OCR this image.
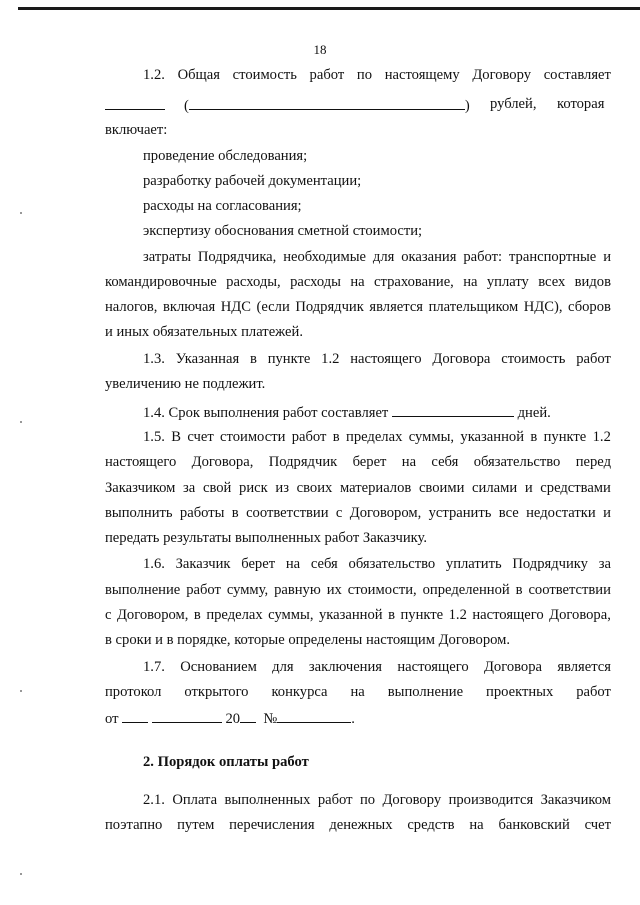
18
1.2. Общая стоимость работ по настоящему Договору составляет
(	) рублей, которая
включает:
проведение обследования;
разработку рабочей документации;
расходы на согласования;
экспертизу обоснования сметной стоимости;
затраты Подрядчика, необходимые для оказания работ: транспортные и
командировочные расходы, расходы на страхование, на уплату всех видов
налогов, включая НДС (если Подрядчик является плательщиком НДС), сборов
и иных обязательных платежей.
1.3. Указанная в пункте 1.2 настоящего Договора стоимость работ
увеличению не подлежит.
1.4. Срок выполнения работ составляет	дней.
1.5. В счет стоимости работ в пределах суммы, указанной в пункте 1.2
настоящего Договора, Подрядчик берет на себя обязательство перед
Заказчиком за свой риск из своих материалов своими силами и средствами
выполнить работы в соответствии с Договором, устранить все недостатки и
передать результаты выполненных работ Заказчику.
1.6. Заказчик берет на себя обязательство уплатить Подрядчику за
выполнение работ сумму, равную их стоимости, определенной в соответствии
с Договором, в пределах суммы, указанной в пункте 1.2 настоящего Договора,
в сроки и в порядке, которые определены настоящим Договором.
1.7. Основанием для заключения настоящего Договора является
протокол открытого конкурса на выполнение проектных работ
от	20 №	.
2. Порядок оплаты работ
2.1. Оплата выполненных работ по Договору производится Заказчиком
поэтапно путем перечисления денежных средств на банковский счет
